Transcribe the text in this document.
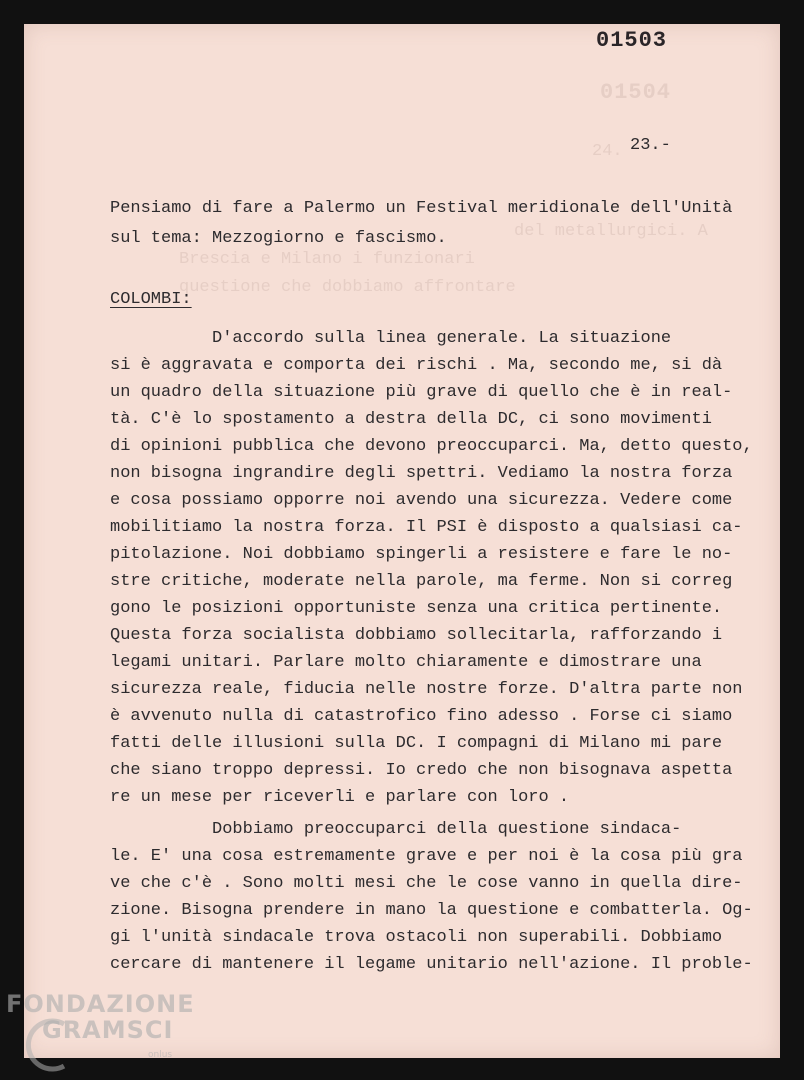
01504
24.
del metallurgici. A
Brescia e Milano i funzionari
questione che dobbiamo affrontare
01503
23.-
Pensiamo di fare a Palermo un Festival meridionale dell'Unità
sul tema: Mezzogiorno e fascismo.
COLOMBI:
D'accordo sulla linea generale. La situazione
si è aggravata e comporta dei rischi . Ma, secondo me, si dà
un quadro della situazione più grave di quello che è in real-
tà. C'è lo spostamento a destra della DC, ci sono movimenti
di opinioni pubblica che devono preoccuparci. Ma, detto questo,
non bisogna ingrandire degli spettri. Vediamo la nostra forza
e cosa possiamo opporre noi avendo una sicurezza. Vedere come
mobilitiamo la nostra forza. Il PSI è disposto a qualsiasi ca-
pitolazione. Noi dobbiamo spingerli a resistere e fare le no-
stre critiche, moderate nella parole, ma ferme. Non si correg
gono le posizioni opportuniste senza una critica pertinente.
Questa forza socialista dobbiamo sollecitarla, rafforzando i
legami unitari. Parlare molto chiaramente e dimostrare una
sicurezza reale, fiducia nelle nostre forze. D'altra parte non
è avvenuto nulla di catastrofico fino adesso . Forse ci siamo
fatti delle illusioni sulla DC. I compagni di Milano mi pare
che siano troppo depressi. Io credo che non bisognava aspetta
re un mese per riceverli e parlare con loro .
Dobbiamo preoccuparci della questione sindaca-
le. E' una cosa estremamente grave e per noi è la cosa più gra
ve che c'è . Sono molti mesi che le cose vanno in quella dire-
zione. Bisogna prendere in mano la questione e combatterla. Og-
gi l'unità sindacale trova ostacoli non superabili. Dobbiamo
cercare di mantenere il legame unitario nell'azione. Il proble-
FONDAZIONE
GRAMSCI
onlus
